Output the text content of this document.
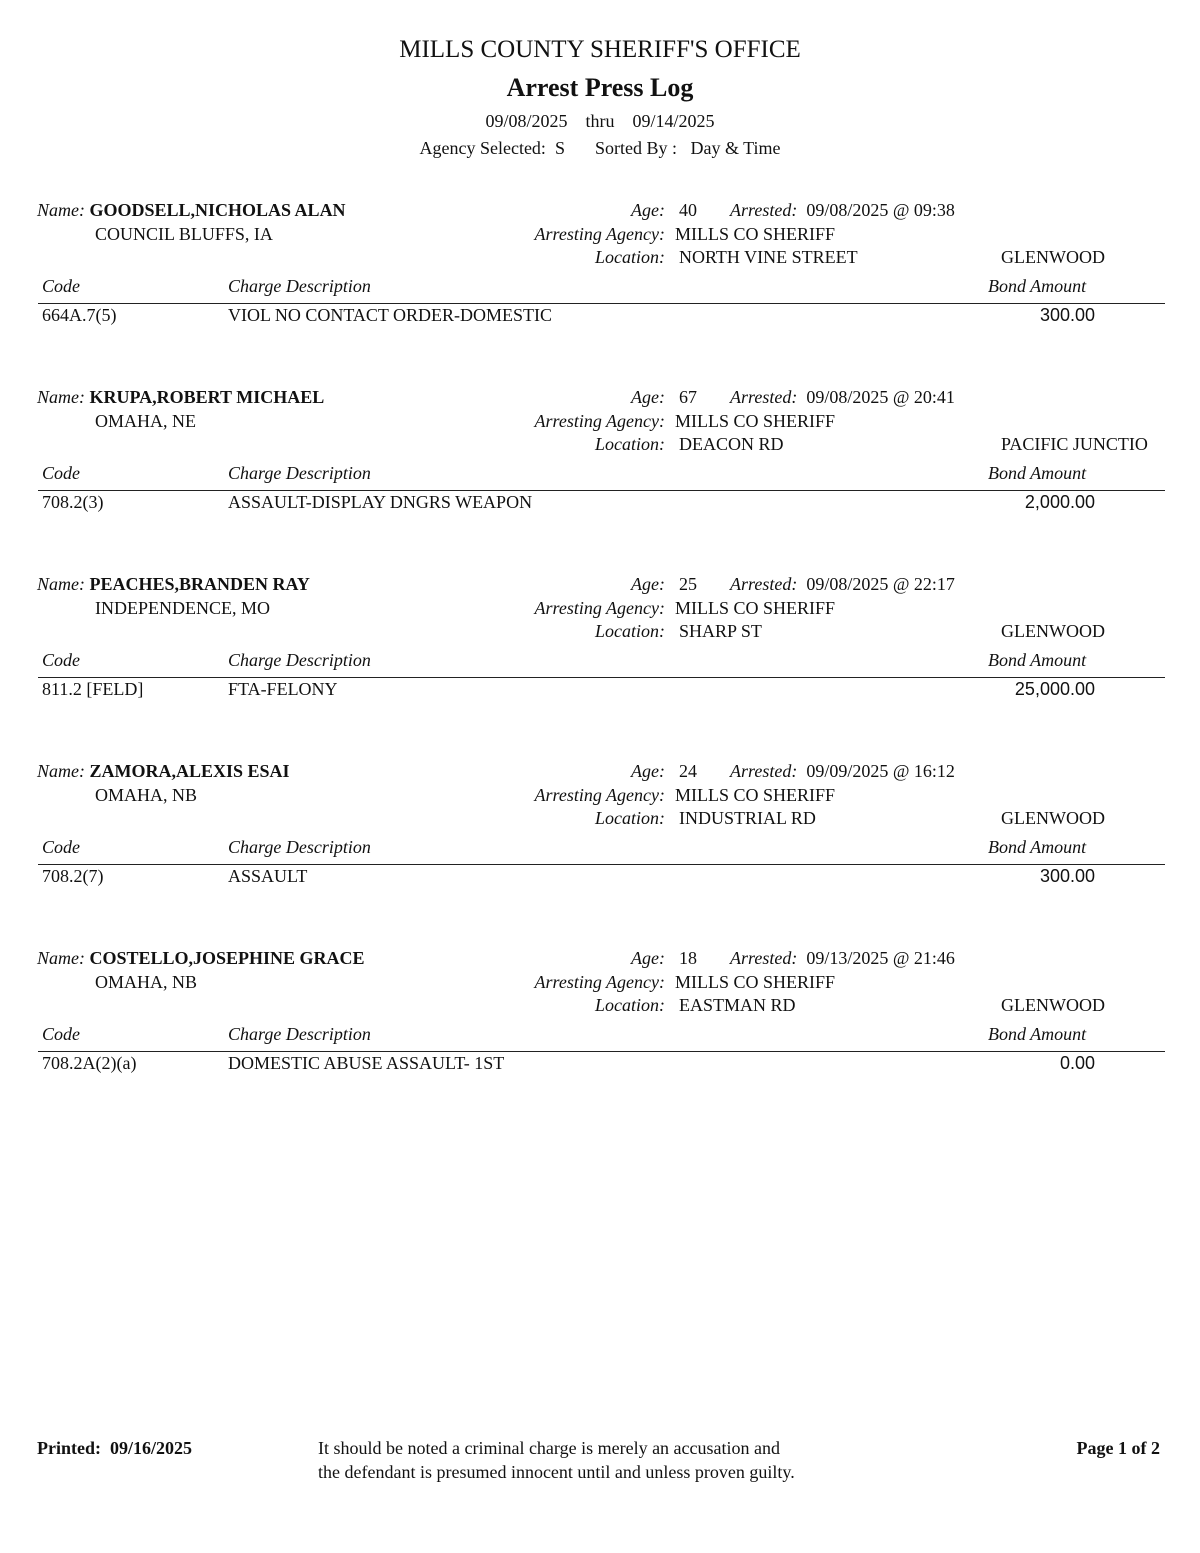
MILLS COUNTY SHERIFF'S OFFICE
Arrest Press Log
09/08/2025 thru 09/14/2025
Agency Selected: S Sorted By : Day & Time
Name: GOODSELL,NICHOLAS ALAN
COUNCIL BLUFFS, IA
Age: 40 Arrested: 09/08/2025 @ 09:38
Arresting Agency: MILLS CO SHERIFF
Location: NORTH VINE STREET	GLENWOOD
Code	Charge Description	Bond Amount
664A.7(5)	VIOL NO CONTACT ORDER-DOMESTIC	300.00
Name: KRUPA,ROBERT MICHAEL
OMAHA, NE
Age: 67 Arrested: 09/08/2025 @ 20:41
Arresting Agency: MILLS CO SHERIFF
Location: DEACON RD	PACIFIC JUNCTIO
Code	Charge Description	Bond Amount
708.2(3)	ASSAULT-DISPLAY DNGRS WEAPON	2,000.00
Name: PEACHES,BRANDEN RAY
INDEPENDENCE, MO
Age: 25 Arrested: 09/08/2025 @ 22:17
Arresting Agency: MILLS CO SHERIFF
Location: SHARP ST	GLENWOOD
Code	Charge Description	Bond Amount
811.2 [FELD]	FTA-FELONY	25,000.00
Name: ZAMORA,ALEXIS ESAI
OMAHA, NB
Age: 24 Arrested: 09/09/2025 @ 16:12
Arresting Agency: MILLS CO SHERIFF
Location: INDUSTRIAL RD	GLENWOOD
Code	Charge Description	Bond Amount
708.2(7)	ASSAULT	300.00
Name: COSTELLO,JOSEPHINE GRACE
OMAHA, NB
Age: 18 Arrested: 09/13/2025 @ 21:46
Arresting Agency: MILLS CO SHERIFF
Location: EASTMAN RD	GLENWOOD
Code	Charge Description	Bond Amount
708.2A(2)(a)	DOMESTIC ABUSE ASSAULT- 1ST	0.00
Printed: 09/16/2025	It should be noted a criminal charge is merely an accusation and
the defendant is presumed innocent until and unless proven guilty.
Page 1 of 2
